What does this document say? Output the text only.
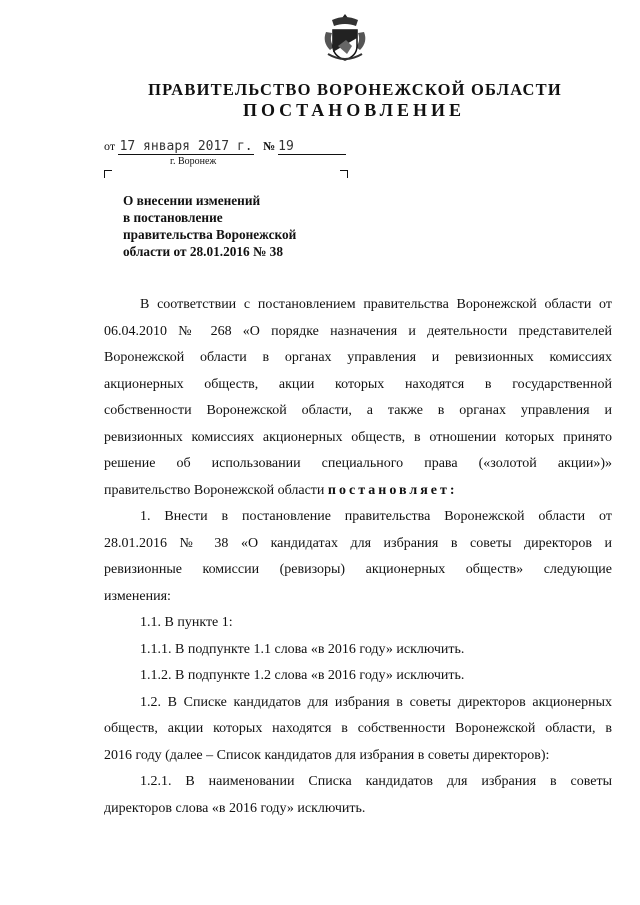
ПРАВИТЕЛЬСТВО ВОРОНЕЖСКОЙ ОБЛАСТИ
ПОСТАНОВЛЕНИЕ
от 17 января 2017 г. № 19
г. Воронеж
О внесении изменений
в постановление
правительства Воронежской
области от 28.01.2016 № 38
В соответствии с постановлением правительства Воронежской области от
06.04.2010 № 268 «О порядке назначения и деятельности представителей
Воронежской области в органах управления и ревизионных комиссиях
акционерных обществ, акции которых находятся в государственной
собственности Воронежской области, а также в органах управления и
ревизионных комиссиях акционерных обществ, в отношении которых принято
решение об использовании специального права («золотой акции»)»
правительство Воронежской области постановляет:
1. Внести в постановление правительства Воронежской области от
28.01.2016 № 38 «О кандидатах для избрания в советы директоров и
ревизионные комиссии (ревизоры) акционерных обществ» следующие
изменения:
1.1. В пункте 1:
1.1.1. В подпункте 1.1 слова «в 2016 году» исключить.
1.1.2. В подпункте 1.2 слова «в 2016 году» исключить.
1.2. В Списке кандидатов для избрания в советы директоров акционерных
обществ, акции которых находятся в собственности Воронежской области, в
2016 году (далее – Список кандидатов для избрания в советы директоров):
1.2.1. В наименовании Списка кандидатов для избрания в советы
директоров слова «в 2016 году» исключить.
